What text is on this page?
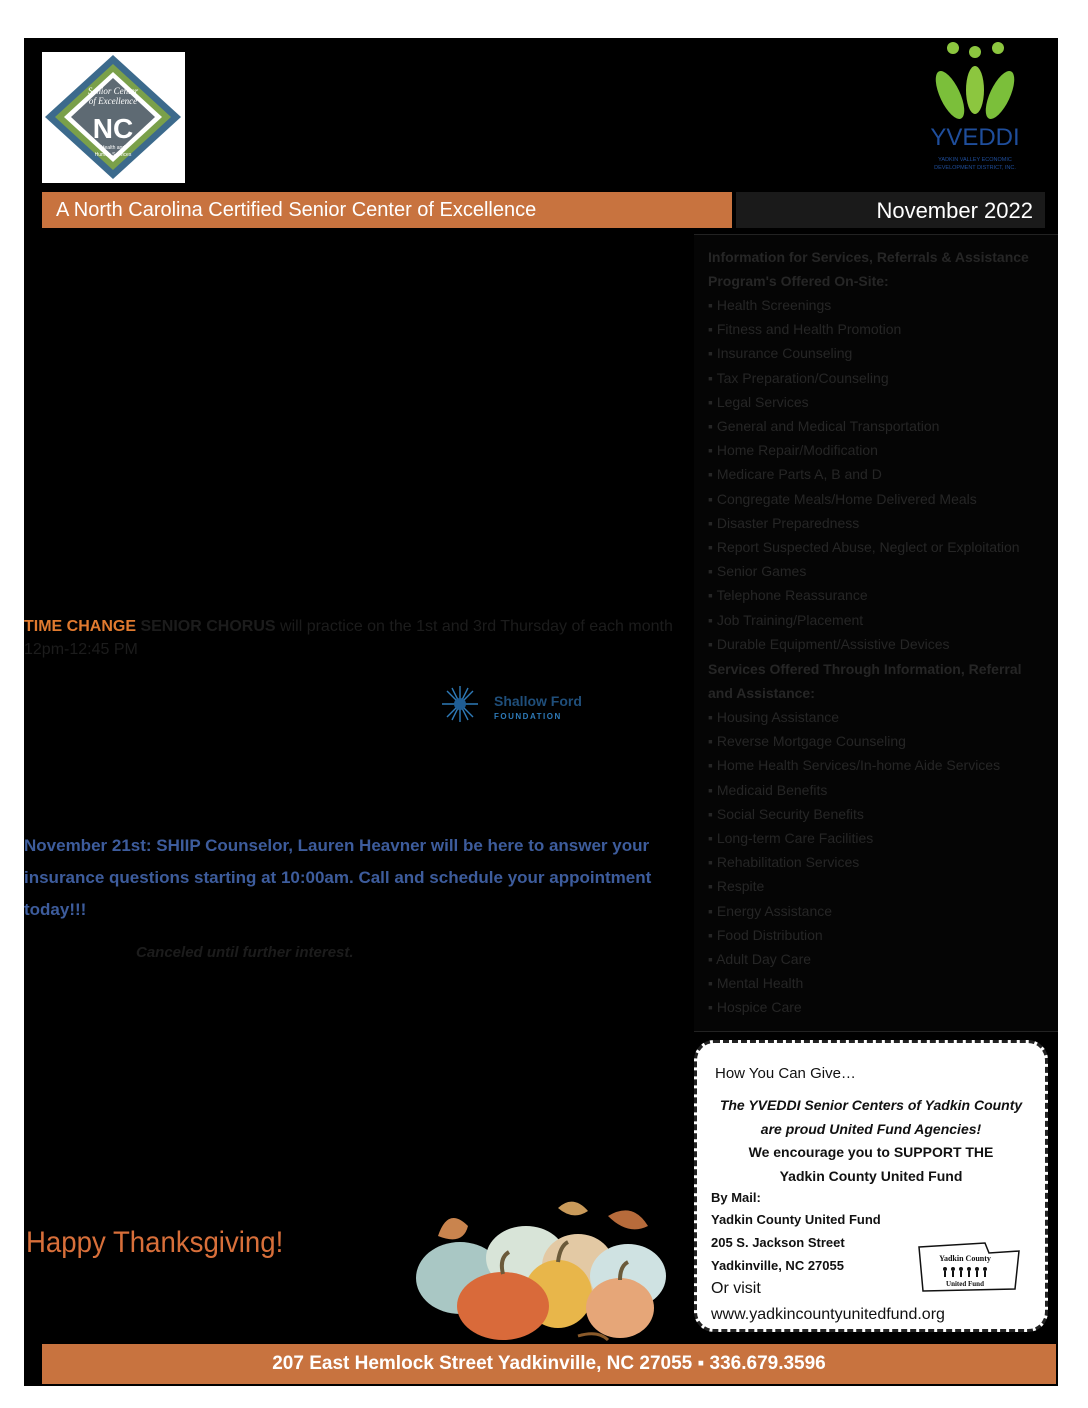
Senior Center
of Excellence
NC
Health and
Human Services
YVEDDI
YADKIN VALLEY ECONOMIC
DEVELOPMENT DISTRICT, INC.
A North Carolina Certified Senior Center of Excellence	November 2022
Information for Services, Referrals & Assistance
Program's Offered On-Site:
▪ Health Screenings
▪ Fitness and Health Promotion
▪ Insurance Counseling
▪ Tax Preparation/Counseling
▪ Legal Services
▪ General and Medical Transportation
▪ Home Repair/Modification
▪ Medicare Parts A, B and D
▪ Congregate Meals/Home Delivered Meals
▪ Disaster Preparedness
▪ Report Suspected Abuse, Neglect or Exploitation
▪ Senior Games
▪ Telephone Reassurance
▪ Job Training/Placement
▪ Durable Equipment/Assistive Devices
Services Offered Through Information, Referral
and Assistance:
▪ Housing Assistance
▪ Reverse Mortgage Counseling
▪ Home Health Services/In-home Aide Services
▪ Medicaid Benefits
▪ Social Security Benefits
▪ Long-term Care Facilities
▪ Rehabilitation Services
▪ Respite
▪ Energy Assistance
▪ Food Distribution
▪ Adult Day Care
▪ Mental Health
▪ Hospice Care
TIME CHANGE SENIOR CHORUS will practice on the 1st and 3rd Thursday of each month 12pm-12:45 PM
Shallow Ford
FOUNDATION
November 21st: SHIIP Counselor, Lauren Heavner will be here to answer your insurance questions starting at 10:00am. Call and schedule your appointment today!!!
Canceled until further interest.
Happy Thanksgiving!
How You Can Give…
The YVEDDI Senior Centers of Yadkin County
are proud United Fund Agencies!
We encourage you to SUPPORT THE
Yadkin County United Fund
By Mail:
Yadkin County United Fund
205 S. Jackson Street
Yadkinville, NC 27055
Or visit
www.yadkincountyunitedfund.org
Yadkin County
United Fund
207 East Hemlock Street Yadkinville, NC 27055 ▪ 336.679.3596
